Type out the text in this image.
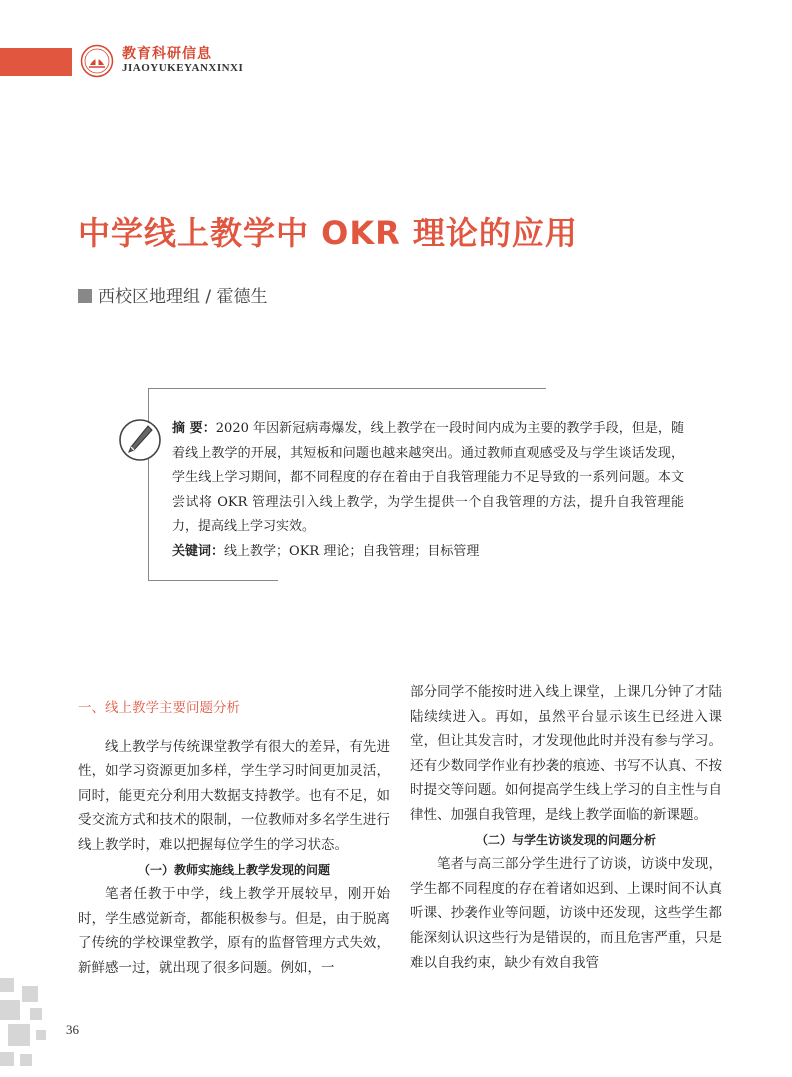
教育科研信息
JIAOYUKEYANXINXI
中学线上教学中 OKR 理论的应用
西校区地理组 / 霍德生
摘 要：2020 年因新冠病毒爆发，线上教学在一段时间内成为主要的教学手段，但是，随着线上教学的开展，其短板和问题也越来越突出。通过教师直观感受及与学生谈话发现，学生线上学习期间，都不同程度的存在着由于自我管理能力不足导致的一系列问题。本文尝试将 OKR 管理法引入线上教学，为学生提供一个自我管理的方法，提升自我管理能力，提高线上学习实效。
关键词：线上教学；OKR 理论；自我管理；目标管理

一、线上教学主要问题分析

线上教学与传统课堂教学有很大的差异，有先进性，如学习资源更加多样，学生学习时间更加灵活，同时，能更充分利用大数据支持教学。也有不足，如受交流方式和技术的限制，一位教师对多名学生进行线上教学时，难以把握每位学生的学习状态。

（一）教师实施线上教学发现的问题

笔者任教于中学，线上教学开展较早，刚开始时，学生感觉新奇，都能积极参与。但是，由于脱离了传统的学校课堂教学，原有的监督管理方式失效，新鲜感一过，就出现了很多问题。例如，一

部分同学不能按时进入线上课堂，上课几分钟了才陆陆续续进入。再如，虽然平台显示该生已经进入课堂，但让其发言时，才发现他此时并没有参与学习。还有少数同学作业有抄袭的痕迹、书写不认真、不按时提交等问题。如何提高学生线上学习的自主性与自律性、加强自我管理，是线上教学面临的新课题。

（二）与学生访谈发现的问题分析

笔者与高三部分学生进行了访谈，访谈中发现，学生都不同程度的存在着诸如迟到、上课时间不认真听课、抄袭作业等问题，访谈中还发现，这些学生都能深刻认识这些行为是错误的，而且危害严重，只是难以自我约束，缺少有效自我管

36
